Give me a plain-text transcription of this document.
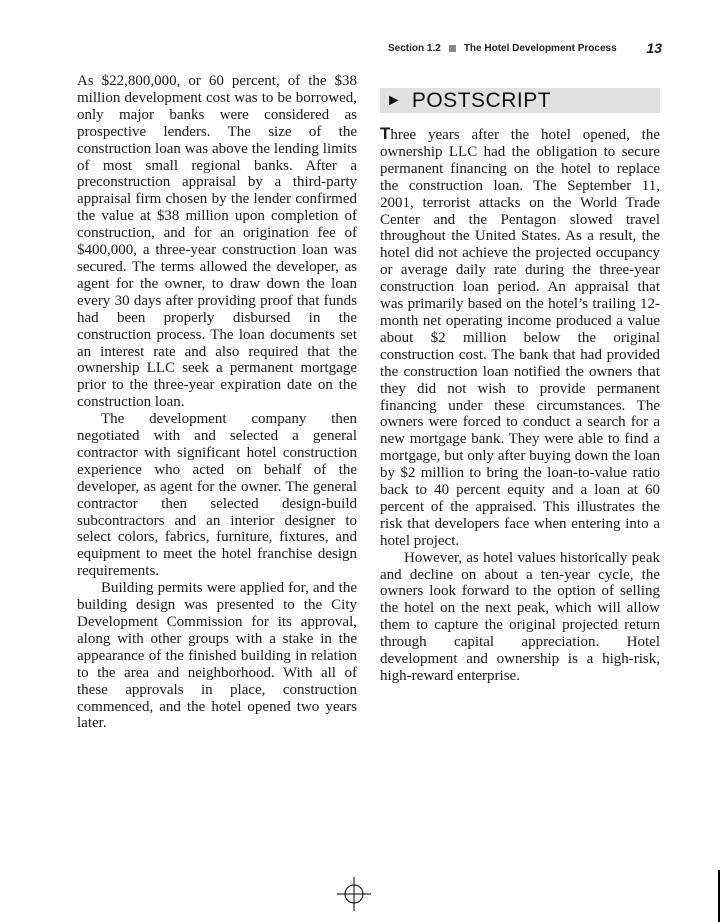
Section 1.2 The Hotel Development Process 13

As $22,800,000, or 60 percent, of the $38 million development cost was to be borrowed, only major banks were considered as prospective lenders. The size of the construction loan was above the lending limits of most small regional banks. After a preconstruction appraisal by a third-party appraisal firm chosen by the lender confirmed the value at $38 million upon completion of construction, and for an origination fee of $400,000, a three-year construction loan was secured. The terms allowed the developer, as agent for the owner, to draw down the loan every 30 days after providing proof that funds had been properly disbursed in the construction process. The loan documents set an interest rate and also required that the ownership LLC seek a permanent mortgage prior to the three-year expiration date on the construction loan.

The development company then negotiated with and selected a general contractor with significant hotel construction experience who acted on behalf of the developer, as agent for the owner. The general contractor then selected design-build subcontractors and an interior designer to select colors, fabrics, furniture, fixtures, and equipment to meet the hotel franchise design requirements.

Building permits were applied for, and the building design was presented to the City Development Commission for its approval, along with other groups with a stake in the appearance of the finished building in relation to the area and neighborhood. With all of these approvals in place, construction commenced, and the hotel opened two years later.

► POSTSCRIPT

Three years after the hotel opened, the ownership LLC had the obligation to secure permanent financing on the hotel to replace the construction loan. The September 11, 2001, terrorist attacks on the World Trade Center and the Pentagon slowed travel throughout the United States. As a result, the hotel did not achieve the projected occupancy or average daily rate during the three-year construction loan period. An appraisal that was primarily based on the hotel’s trailing 12-month net operating income produced a value about $2 million below the original construction cost. The bank that had provided the construction loan notified the owners that they did not wish to provide permanent financing under these circumstances. The owners were forced to conduct a search for a new mortgage bank. They were able to find a mortgage, but only after buying down the loan by $2 million to bring the loan-to-value ratio back to 40 percent equity and a loan at 60 percent of the appraised. This illustrates the risk that developers face when entering into a hotel project.

However, as hotel values historically peak and decline on about a ten-year cycle, the owners look forward to the option of selling the hotel on the next peak, which will allow them to capture the original projected return through capital appreciation. Hotel development and ownership is a high-risk, high-reward enterprise.
